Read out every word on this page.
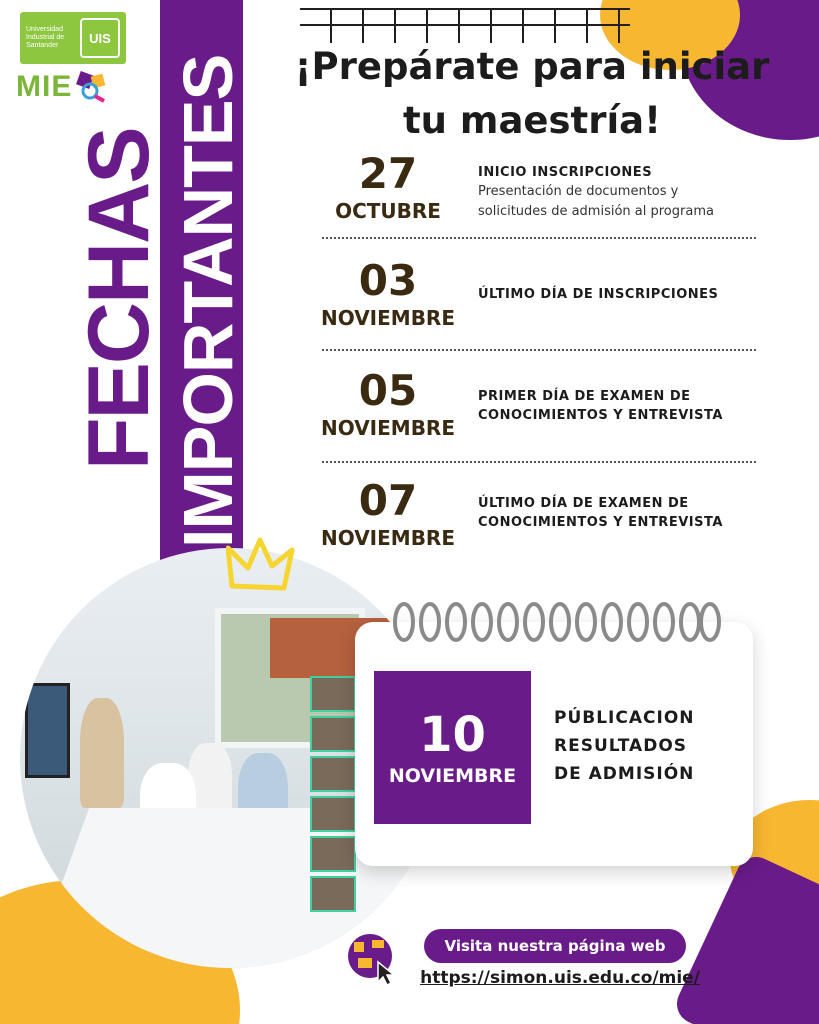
Universidad Industrial de Santander	UIS
MIE
FECHAS IMPORTANTES	¡Prepárate para iniciar
tu maestría!
27
OCTUBRE
INICIO INSCRIPCIONES
Presentación de documentos y
solicitudes de admisión al programa
03
NOVIEMBRE
ÚLTIMO DÍA DE INSCRIPCIONES
05
NOVIEMBRE
PRIMER DÍA DE EXAMEN DE CONOCIMIENTOS Y ENTREVISTA
07
NOVIEMBRE
ÚLTIMO DÍA DE EXAMEN DE CONOCIMIENTOS Y ENTREVISTA
10
NOVIEMBRE
PÚBLICACION
RESULTADOS
DE ADMISIÓN
Visita nuestra página web
https://simon.uis.edu.co/mie/
